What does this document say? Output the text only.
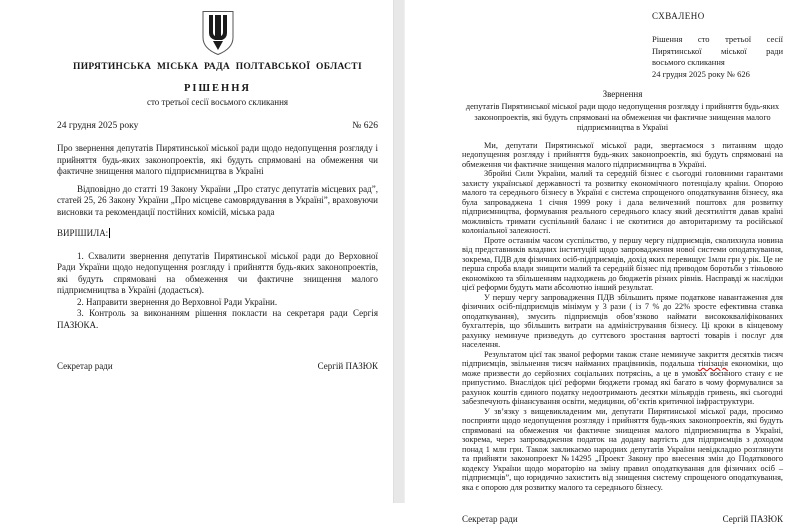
ПИРЯТИНСЬКА МІСЬКА РАДА ПОЛТАВСЬКОЇ ОБЛАСТІ
РІШЕННЯ
сто третьої сесії восьмого скликання
24 грудня 2025 року	№ 626

Про звернення депутатів Пирятинської міської ради щодо недопущення розгляду і прийняття будь-яких законопроектів, які будуть спрямовані на обмеження чи фактичне знищення малого підприємництва в Україні

Відповідно до статті 19 Закону України „Про статус депутатів місцевих рад”, статей 25, 26 Закону України „Про місцеве самоврядування в Україні”, враховуючи висновки та рекомендації постійних комісій, міська рада

ВИРІШИЛА:

1. Схвалити звернення депутатів Пирятинської міської ради до Верховної Ради України щодо недопущення розгляду і прийняття будь-яких законопроектів, які будуть спрямовані на обмеження чи фактичне знищення малого підприємництва в Україні (додається).

2. Направити звернення до Верховної Ради України.

3. Контроль за виконанням рішення покласти на секретаря ради Сергія ПАЗЮКА.

Секретар ради	Сергій ПАЗЮК
СХВАЛЕНО
Рішення сто третьої сесії
Пирятинської міської ради
восьмого скликання
24 грудня 2025 року № 626
Звернення
депутатів Пирятинської міської ради щодо недопущення розгляду і прийняття будь-яких законопроектів, які будуть спрямовані на обмеження чи фактичне знищення малого підприємництва в Україні

Ми, депутати Пирятинської міської ради, звертаємося з питанням щодо недопущення розгляду і прийняття будь-яких законопроектів, які будуть спрямовані на обмеження чи фактичне знищення малого підприємництва в Україні.

Збройні Сили України, малий та середній бізнес є сьогодні головними гарантами захисту української державності та розвитку економічного потенціалу країни. Опорою малого та середнього бізнесу в Україні є система спрощеного оподаткування бізнесу, яка була запроваджена 1 січня 1999 року і дала величезний поштовх для розвитку підприємництва, формування реального середнього класу який десятиліття давав країні можливість тримати суспільний баланс і не скотитися до авторитаризму та російської колоніальної залежності.

Проте останнім часом суспільство, у першу чергу підприємців, сколихнула новина від представників владних інституцій щодо запровадження нової системи оподаткування, зокрема, ПДВ для фізичних осіб-підприємців, дохід яких перевищує 1млн грн у рік. Це не перша спроба влади знищити малий та середній бізнес під приводом боротьби з тіньовою економікою та збільшенням надходжень до бюджетів різних рівнів. Насправді ж наслідки цієї реформи будуть мати абсолютно інший результат.

У першу чергу запровадження ПДВ збільшить пряме податкове навантаження для фізичних осіб-підприємців мінімум у 3 рази ( із 7 % до 22% зросте ефективна ставка оподаткування), змусить підприємців обов’язково наймати висококваліфікованих бухгалтерів, що збільшить витрати на адміністрування бізнесу. Ці кроки в кінцевому рахунку неминуче призведуть до суттєвого зростання вартості товарів і послуг для населення.

Результатом цієї так званої реформи також стане неминуче закриття десятків тисяч підприємців, звільнення тисяч найманих працівників, подальша тінізація економіки, що може призвести до серйозних соціальних потрясінь, а це в умовах воєнного стану є не припустимо. Внаслідок цієї реформи бюджети громад які багато в чому формувалися за рахунок коштів єдиного податку недоотримають десятки мільярдів гривень, які сьогодні забезпечують фінансування освіти, медицини, об’єктів критичної інфраструктури.

У зв’язку з вищевикладеним ми, депутати Пирятинської міської ради, просимо посприяти щодо недопущення розгляду і прийняття будь-яких законопроектів, які будуть спрямовані на обмеження чи фактичне знищення малого підприємництва в Україні, зокрема, через запровадження податок на додану вартість для підприємців з доходом понад 1 млн грн. Також закликаємо народних депутатів України невідкладно розглянути та прийняти законопроект №14295 „Проект Закону про внесення змін до Податкового кодексу України щодо мораторію на зміну правил оподаткування для фізичних осіб – підприємців”, що юридично захистить від знищення систему спрощеного оподаткування, яка є опорою для розвитку малого та середнього бізнесу.

Секретар ради	Сергій ПАЗЮК
